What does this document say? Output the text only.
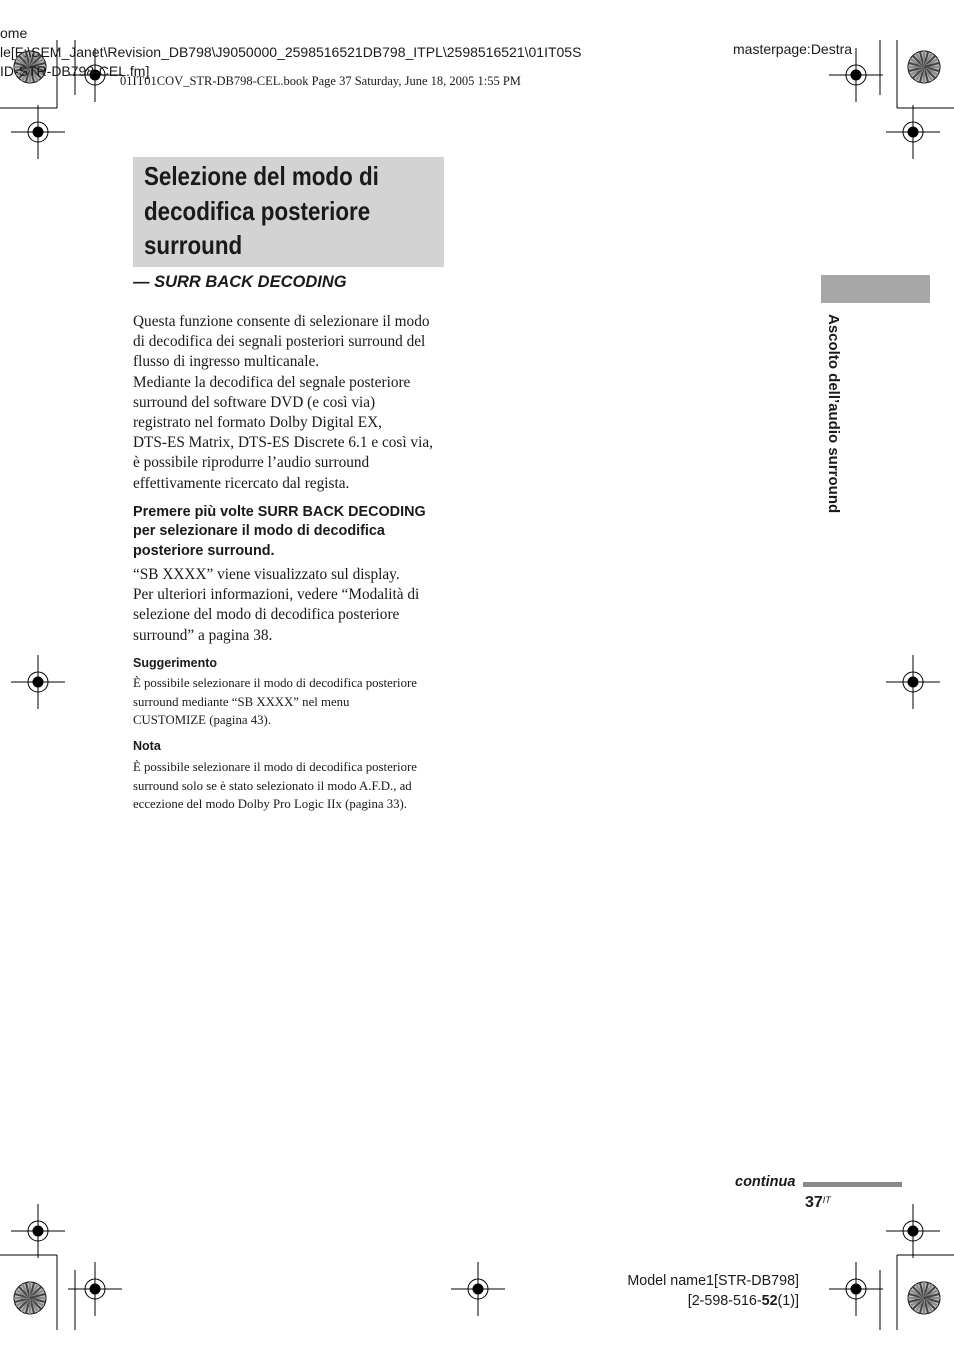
ome
le[F:\SEM_Janet\Revision_DB798\J9050000_2598516521DB798_ITPL\2598516521\01IT05S
ID-STR-DB798-CEL.fm]
masterpage:Destra
01IT01COV_STR-DB798-CEL.book Page 37 Saturday, June 18, 2005 1:55 PM
Selezione del modo di
decodifica posteriore
surround
— SURR BACK DECODING

Questa funzione consente di selezionare il modo

di decodifica dei segnali posteriori surround del

flusso di ingresso multicanale.

Mediante la decodifica del segnale posteriore

surround del software DVD (e così via)

registrato nel formato Dolby Digital EX,

DTS-ES Matrix, DTS-ES Discrete 6.1 e così via,

è possibile riprodurre l’audio surround

effettivamente ricercato dal regista.

Premere più volte SURR BACK DECODING
per selezionare il modo di decodifica
posteriore surround.

“SB XXXX” viene visualizzato sul display.

Per ulteriori informazioni, vedere “Modalità di

selezione del modo di decodifica posteriore

surround” a pagina 38.

Suggerimento
È possibile selezionare il modo di decodifica posteriore
surround mediante “SB XXXX” nel menu
CUSTOMIZE (pagina 43).
Nota
È possibile selezionare il modo di decodifica posteriore
surround solo se è stato selezionato il modo A.F.D., ad
eccezione del modo Dolby Pro Logic IIx (pagina 33).
Ascolto dell’audio surround
continua
$37^{IT}$
Model name1[STR-DB798]
[2-598-516-52(1)]
